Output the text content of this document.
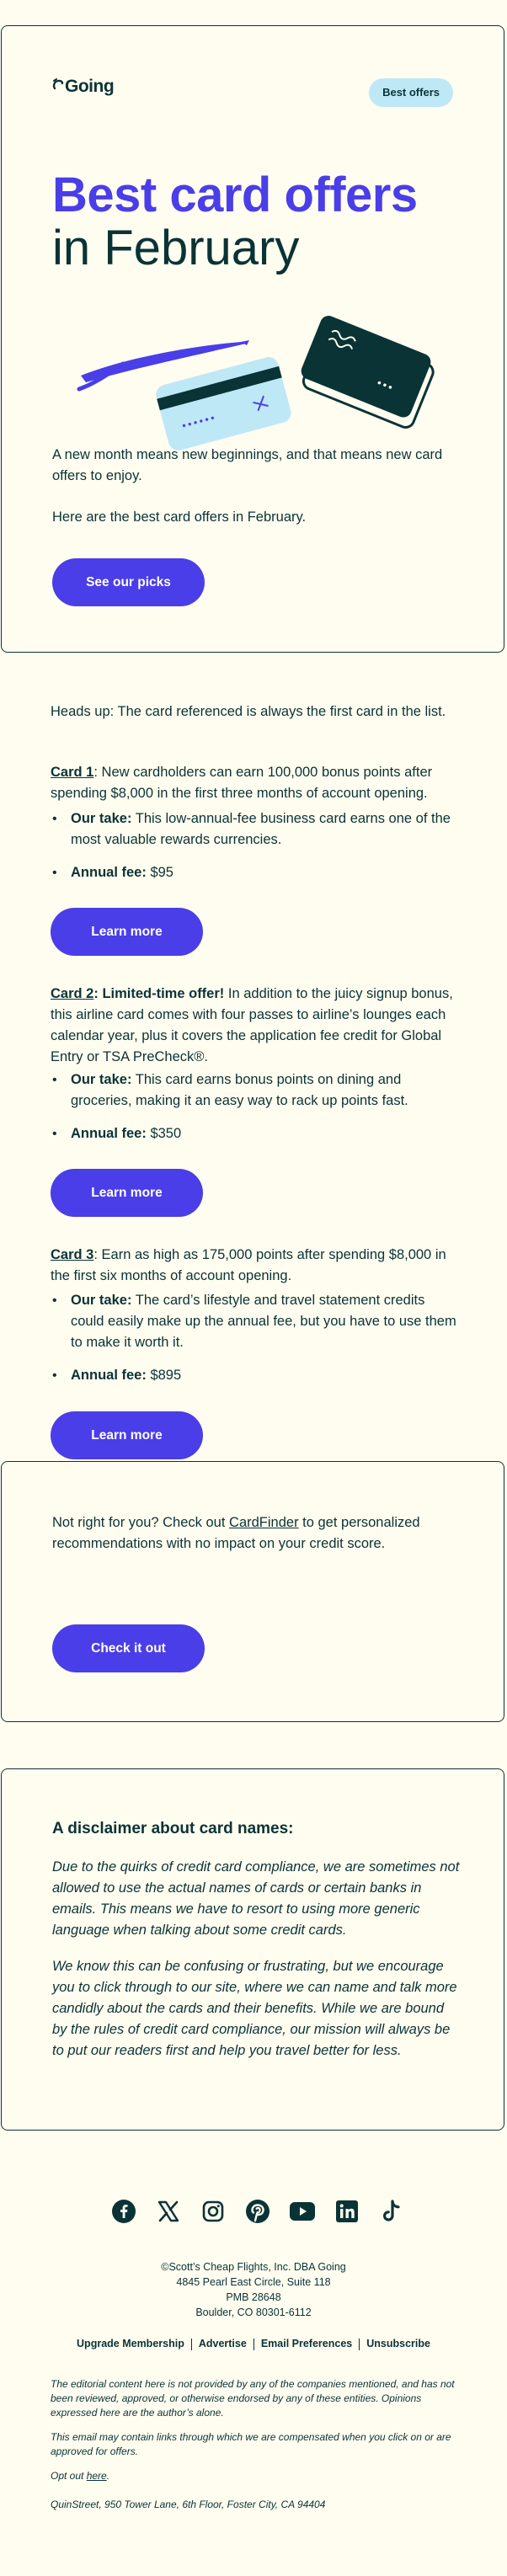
Going	Best offers
Best card offers
in February

A new month means new beginnings, and that means new card offers to enjoy.

Here are the best card offers in February.

See our picks

Heads up: The card referenced is always the first card in the list.

Card 1: New cardholders can earn 100,000 bonus points after spending $8,000 in the first three months of account opening.

• Our take: This low-annual-fee business card earns one of the most valuable rewards currencies.
• Annual fee: $95
Learn more

Card 2: Limited-time offer! In addition to the juicy signup bonus, this airline card comes with four passes to airline’s lounges each calendar year, plus it covers the application fee credit for Global Entry or TSA PreCheck®.

• Our take: This card earns bonus points on dining and groceries, making it an easy way to rack up points fast.
• Annual fee: $350
Learn more

Card 3: Earn as high as 175,000 points after spending $8,000 in the first six months of account opening.

• Our take: The card’s lifestyle and travel statement credits could easily make up the annual fee, but you have to use them to make it worth it.
• Annual fee: $895
Learn more

Not right for you? Check out CardFinder to get personalized recommendations with no impact on your credit score.

Check it out
A disclaimer about card names:

Due to the quirks of credit card compliance, we are sometimes not allowed to use the actual names of cards or certain banks in emails. This means we have to resort to using more generic language when talking about some credit cards.

We know this can be confusing or frustrating, but we encourage you to click through to our site, where we can name and talk more candidly about the cards and their benefits. While we are bound by the rules of credit card compliance, our mission will always be to put our readers first and help you travel better for less.

©Scott’s Cheap Flights, Inc. DBA Going
4845 Pearl East Circle, Suite 118
PMB 28648
Boulder, CO 80301-6112
Upgrade Membership Advertise Email Preferences Unsubscribe

The editorial content here is not provided by any of the companies mentioned, and has not been reviewed, approved, or otherwise endorsed by any of these entities. Opinions expressed here are the author’s alone.

This email may contain links through which we are compensated when you click on or are approved for offers.

Opt out here.

QuinStreet, 950 Tower Lane, 6th Floor, Foster City, CA 94404
